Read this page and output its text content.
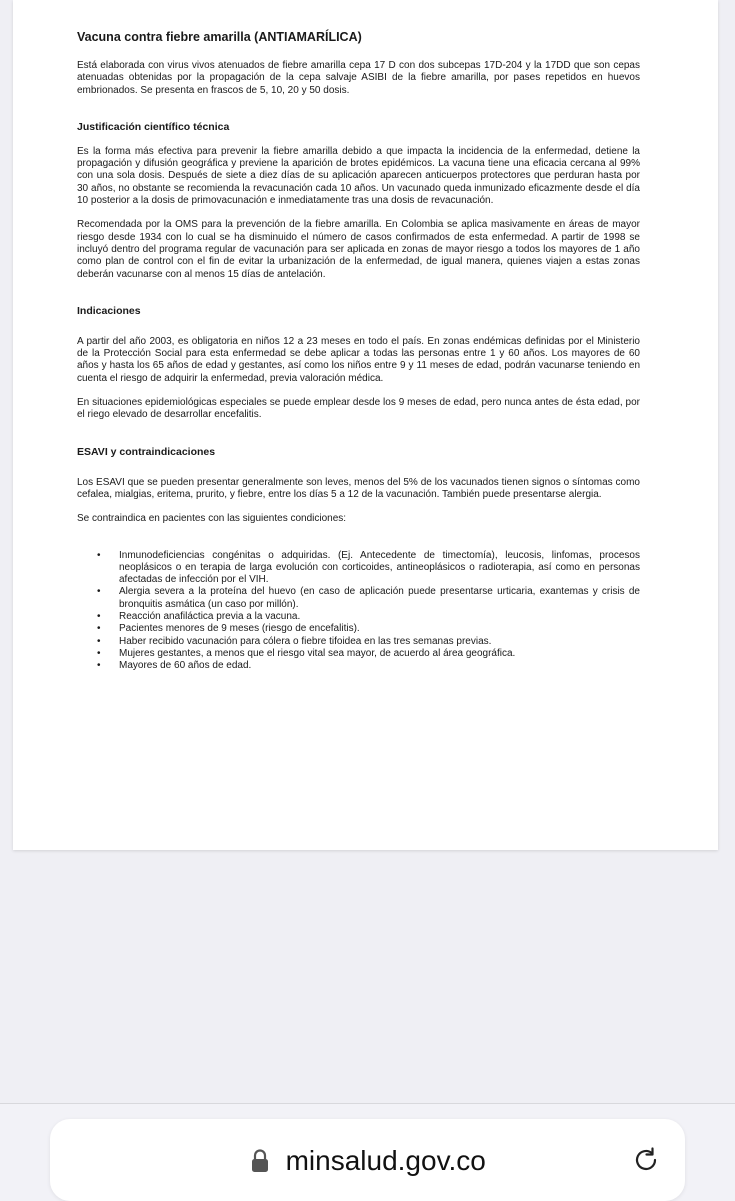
Vacuna contra fiebre amarilla (ANTIAMARÍLICA)

Está elaborada con virus vivos atenuados de fiebre amarilla cepa 17 D con dos subcepas 17D-204 y la 17DD que son cepas atenuadas obtenidas por la propagación de la cepa salvaje ASIBI de la fiebre amarilla, por pases repetidos en huevos embrionados. Se presenta en frascos de 5, 10, 20 y 50 dosis.

Justificación científico técnica

Es la forma más efectiva para prevenir la fiebre amarilla debido a que impacta la incidencia de la enfermedad, detiene la propagación y difusión geográfica y previene la aparición de brotes epidémicos. La vacuna tiene una eficacia cercana al 99% con una sola dosis. Después de siete a diez días de su aplicación aparecen anticuerpos protectores que perduran hasta por 30 años, no obstante se recomienda la revacunación cada 10 años. Un vacunado queda inmunizado eficazmente desde el día 10 posterior a la dosis de primovacunación e inmediatamente tras una dosis de revacunación.

Recomendada por la OMS para la prevención de la fiebre amarilla. En Colombia se aplica masivamente en áreas de mayor riesgo desde 1934 con lo cual se ha disminuido el número de casos confirmados de esta enfermedad. A partir de 1998 se incluyó dentro del programa regular de vacunación para ser aplicada en zonas de mayor riesgo a todos los mayores de 1 año como plan de control con el fin de evitar la urbanización de la enfermedad, de igual manera, quienes viajen a estas zonas deberán vacunarse con al menos 15 días de antelación.

Indicaciones

A partir del año 2003, es obligatoria en niños 12 a 23 meses en todo el país. En zonas endémicas definidas por el Ministerio de la Protección Social para esta enfermedad se debe aplicar a todas las personas entre 1 y 60 años. Los mayores de 60 años y hasta los 65 años de edad y gestantes, así como los niños entre 9 y 11 meses de edad, podrán vacunarse teniendo en cuenta el riesgo de adquirir la enfermedad, previa valoración médica.

En situaciones epidemiológicas especiales se puede emplear desde los 9 meses de edad, pero nunca antes de ésta edad, por el riego elevado de desarrollar encefalitis.

ESAVI y contraindicaciones

Los ESAVI que se pueden presentar generalmente son leves, menos del 5% de los vacunados tienen signos o síntomas como cefalea, mialgias, eritema, prurito, y fiebre, entre los días 5 a 12 de la vacunación. También puede presentarse alergia.

Se contraindica en pacientes con las siguientes condiciones:

• Inmunodeficiencias congénitas o adquiridas. (Ej. Antecedente de timectomía), leucosis, linfomas, procesos neoplásicos o en terapia de larga evolución con corticoides, antineoplásicos o radioterapia, así como en personas afectadas de infección por el VIH.
• Alergia severa a la proteína del huevo (en caso de aplicación puede presentarse urticaria, exantemas y crisis de bronquitis asmática (un caso por millón).
• Reacción anafiláctica previa a la vacuna.
• Pacientes menores de 9 meses (riesgo de encefalitis).
• Haber recibido vacunación para cólera o fiebre tifoidea en las tres semanas previas.
• Mujeres gestantes, a menos que el riesgo vital sea mayor, de acuerdo al área geográfica.
• Mayores de 60 años de edad.
minsalud.gov.co
